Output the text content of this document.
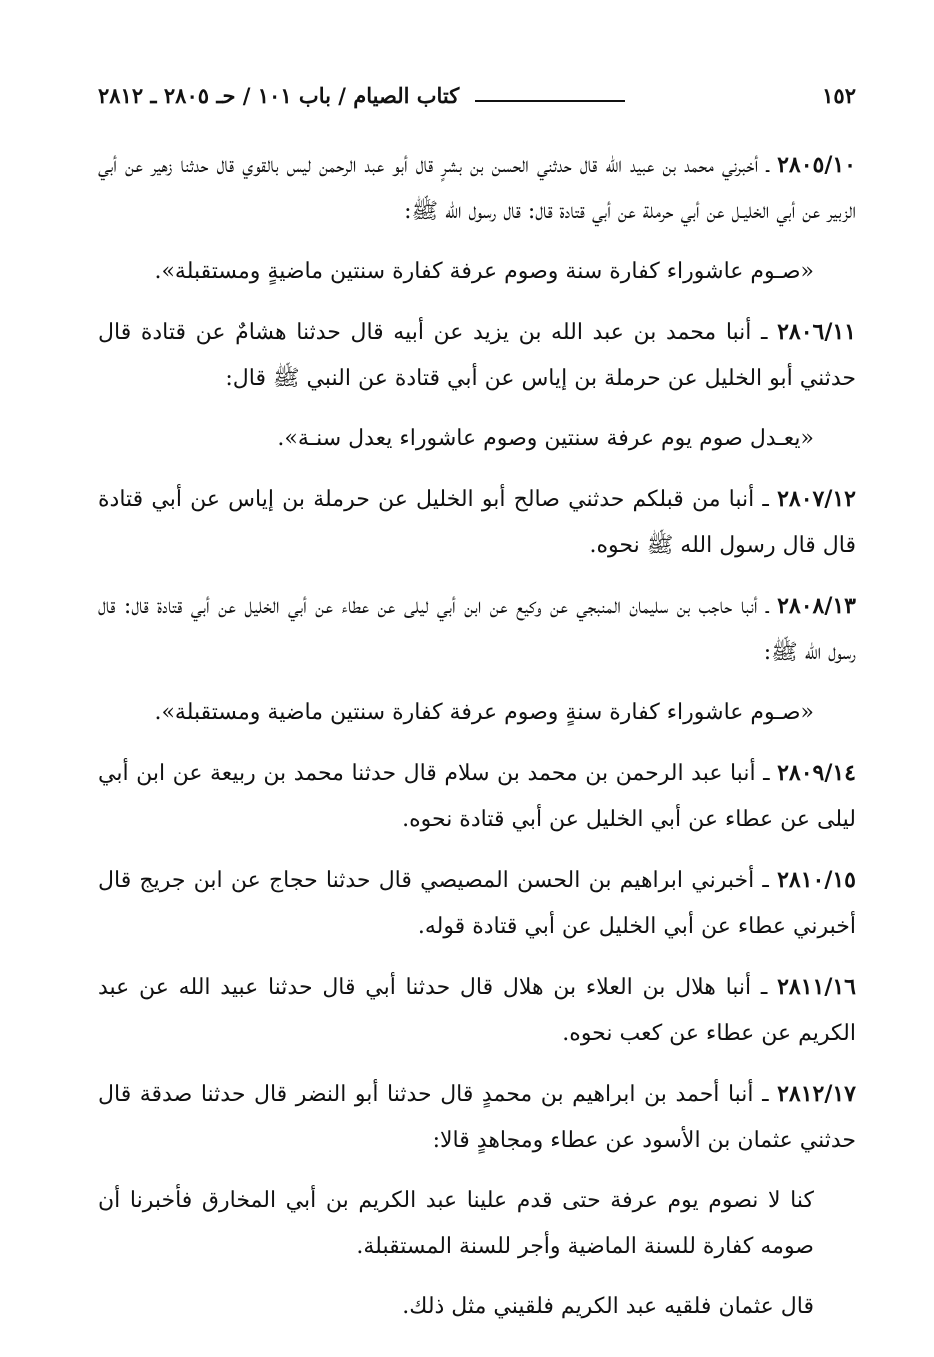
١٥٢
كتاب الصيام / باب ١٠١ / حـ ٢٨٠٥ ـ ٢٨١٢

٢٨٠٥/١٠ ـ أخبرني محمد بن عبيد الله قال حدثني الحسن بن بشرٍ قال أبو عبد الرحمن ليس بالقوي قال حدثنا زهير عن أبي الزبير عن أبي الخليـل عن أبي حرملة عن أبي قتادة قال: قال رسول الله ﷺ:

«صـوم عاشوراء كفارة سنة وصوم عرفة كفارة سنتين ماضيةٍ ومستقبلة».

٢٨٠٦/١١ ـ أنبا محمد بن عبد الله بن يزيد عن أبيه قال حدثنا هشامٌ عن قتادة قال حدثني أبو الخليل عن حرملة بن إياس عن أبي قتادة عن النبي ﷺ قال:

«يعـدل صوم يوم عرفة سنتين وصوم عاشوراء يعدل سنـة».

٢٨٠٧/١٢ ـ أنبا من قبلكم حدثني صالح أبو الخليل عن حرملة بن إياس عن أبي قتادة قال قال رسول الله ﷺ نحوه.

٢٨٠٨/١٣ ـ أنبا حاجب بن سليمان المنبجي عن وكيع عن ابن أبي ليلى عن عطاء عن أبي الخليل عن أبي قتادة قال: قال رسول الله ﷺ:

«صـوم عاشوراء كفارة سنةٍ وصوم عرفة كفارة سنتين ماضية ومستقبلة».

٢٨٠٩/١٤ ـ أنبا عبد الرحمن بن محمد بن سلام قال حدثنا محمد بن ربيعة عن ابن أبي ليلى عن عطاء عن أبي الخليل عن أبي قتادة نحوه.

٢٨١٠/١٥ ـ أخبرني ابراهيم بن الحسن المصيصي قال حدثنا حجاج عن ابن جريج قال أخبرني عطاء عن أبي الخليل عن أبي قتادة قوله.

٢٨١١/١٦ ـ أنبا هلال بن العلاء بن هلال قال حدثنا أبي قال حدثنا عبيد الله عن عبد الكريم عن عطاء عن كعب نحوه.

٢٨١٢/١٧ ـ أنبا أحمد بن ابراهيم بن محمدٍ قال حدثنا أبو النضر قال حدثنا صدقة قال حدثني عثمان بن الأسود عن عطاء ومجاهدٍ قالا:

كنا لا نصوم يوم عرفة حتى قدم علينا عبد الكريم بن أبي المخارق فأخبرنا أن صومه كفارة للسنة الماضية وأجر للسنة المستقبلة.

قال عثمان فلقيه عبد الكريم فلقيني مثل ذلك.
